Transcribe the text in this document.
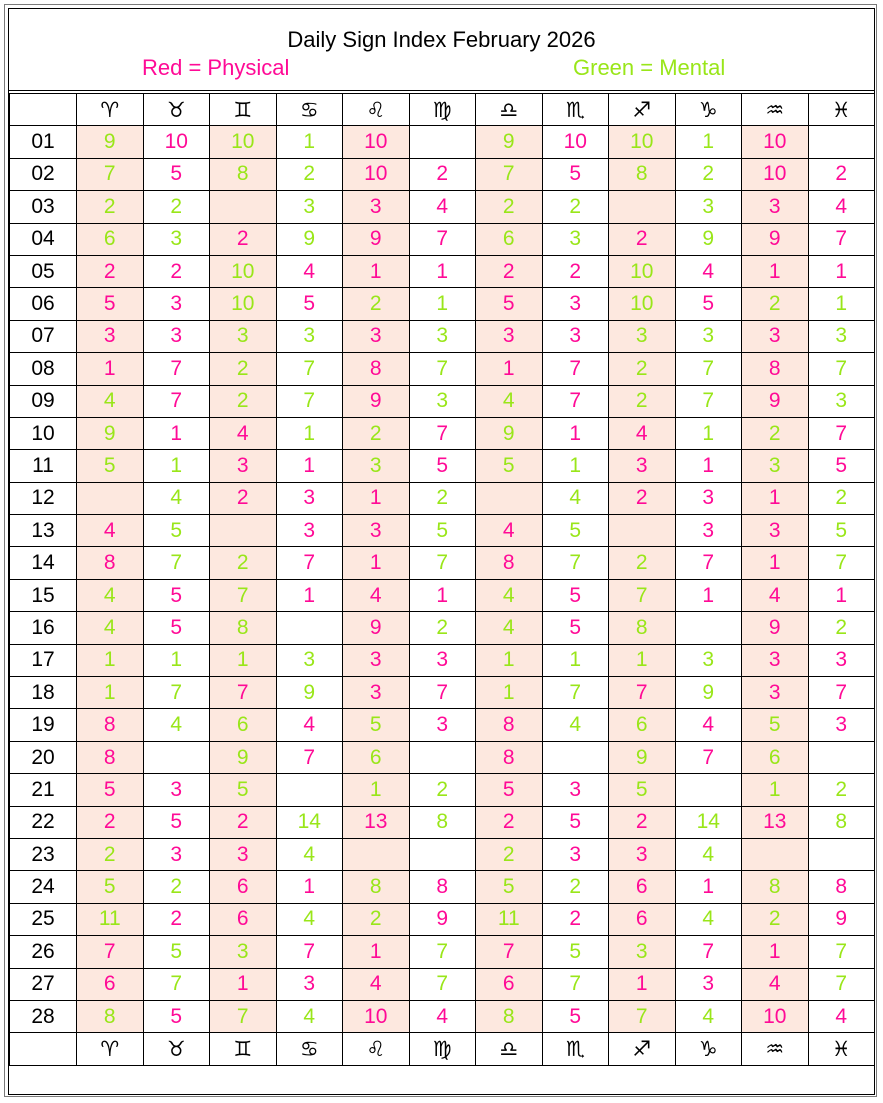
Daily Sign Index February 2026
Red = Physical	Green = Mental
	♈	♉	♊	♋	♌	♍	♎	♏	♐	♑	♒	♓
01	9	10	10	1	10		9	10	10	1	10	
02	7	5	8	2	10	2	7	5	8	2	10	2
03	2	2		3	3	4	2	2		3	3	4
04	6	3	2	9	9	7	6	3	2	9	9	7
05	2	2	10	4	1	1	2	2	10	4	1	1
06	5	3	10	5	2	1	5	3	10	5	2	1
07	3	3	3	3	3	3	3	3	3	3	3	3
08	1	7	2	7	8	7	1	7	2	7	8	7
09	4	7	2	7	9	3	4	7	2	7	9	3
10	9	1	4	1	2	7	9	1	4	1	2	7
11	5	1	3	1	3	5	5	1	3	1	3	5
12		4	2	3	1	2		4	2	3	1	2
13	4	5		3	3	5	4	5		3	3	5
14	8	7	2	7	1	7	8	7	2	7	1	7
15	4	5	7	1	4	1	4	5	7	1	4	1
16	4	5	8		9	2	4	5	8		9	2
17	1	1	1	3	3	3	1	1	1	3	3	3
18	1	7	7	9	3	7	1	7	7	9	3	7
19	8	4	6	4	5	3	8	4	6	4	5	3
20	8		9	7	6		8		9	7	6	
21	5	3	5		1	2	5	3	5		1	2
22	2	5	2	14	13	8	2	5	2	14	13	8
23	2	3	3	4			2	3	3	4		
24	5	2	6	1	8	8	5	2	6	1	8	8
25	11	2	6	4	2	9	11	2	6	4	2	9
26	7	5	3	7	1	7	7	5	3	7	1	7
27	6	7	1	3	4	7	6	7	1	3	4	7
28	8	5	7	4	10	4	8	5	7	4	10	4
	♈	♉	♊	♋	♌	♍	♎	♏	♐	♑	♒	♓
